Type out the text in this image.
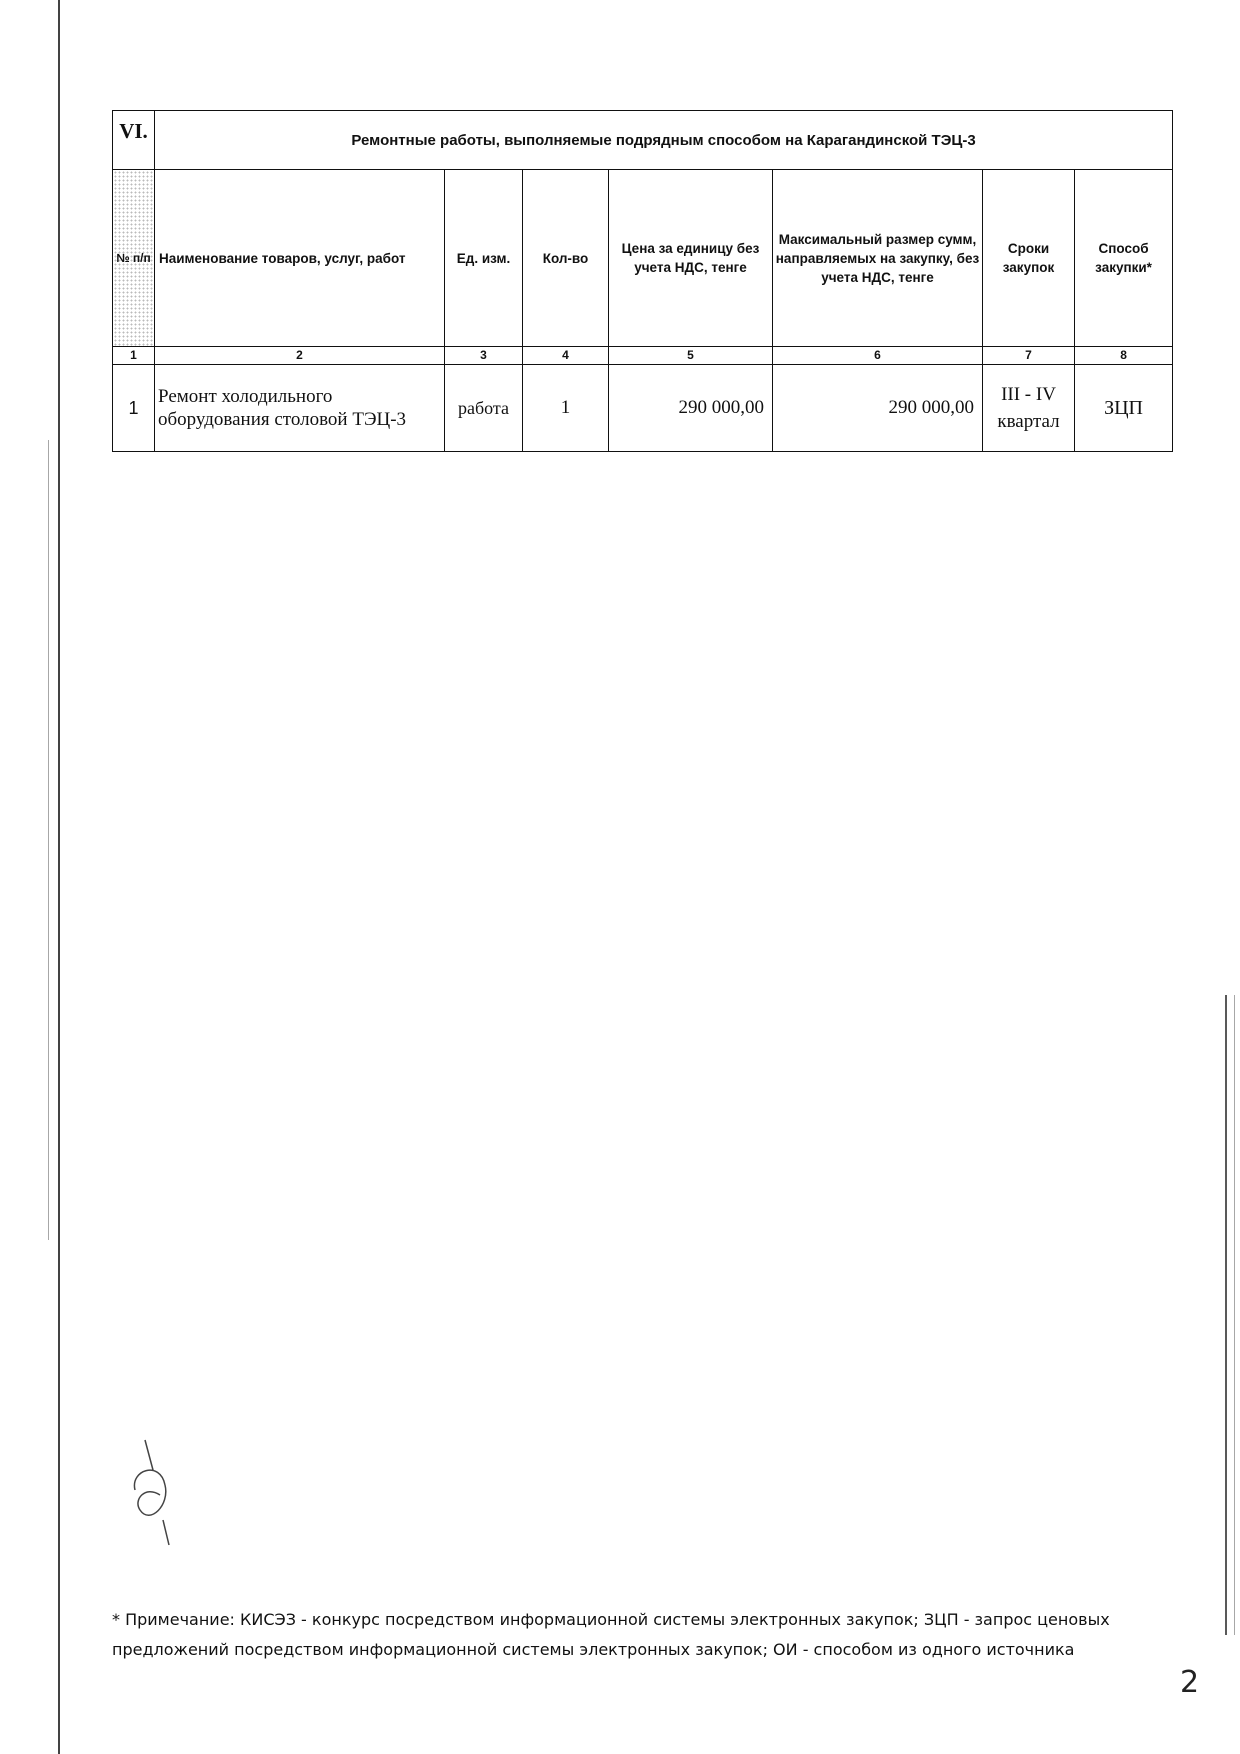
VI.	Ремонтные работы, выполняемые подрядным способом на Карагандинской ТЭЦ-3						
№ п/п	Наименование товаров, услуг, работ	Ед. изм.	Кол-во	Цена за единицу без учета НДС, тенге	Максимальный размер сумм, направляемых на закупку, без учета НДС, тенге	Сроки закупок	Способ закупки*
1	2	3	4	5	6	7	8
1	Ремонт холодильного оборудования столовой ТЭЦ-3	работа	1	290 000,00	290 000,00	III - IV квартал	ЗЦП
* Примечание: КИСЭЗ - конкурс посредством информационной системы электронных закупок; ЗЦП - запрос ценовых предложений посредством информационной системы электронных закупок; ОИ - способом из одного источника
2
